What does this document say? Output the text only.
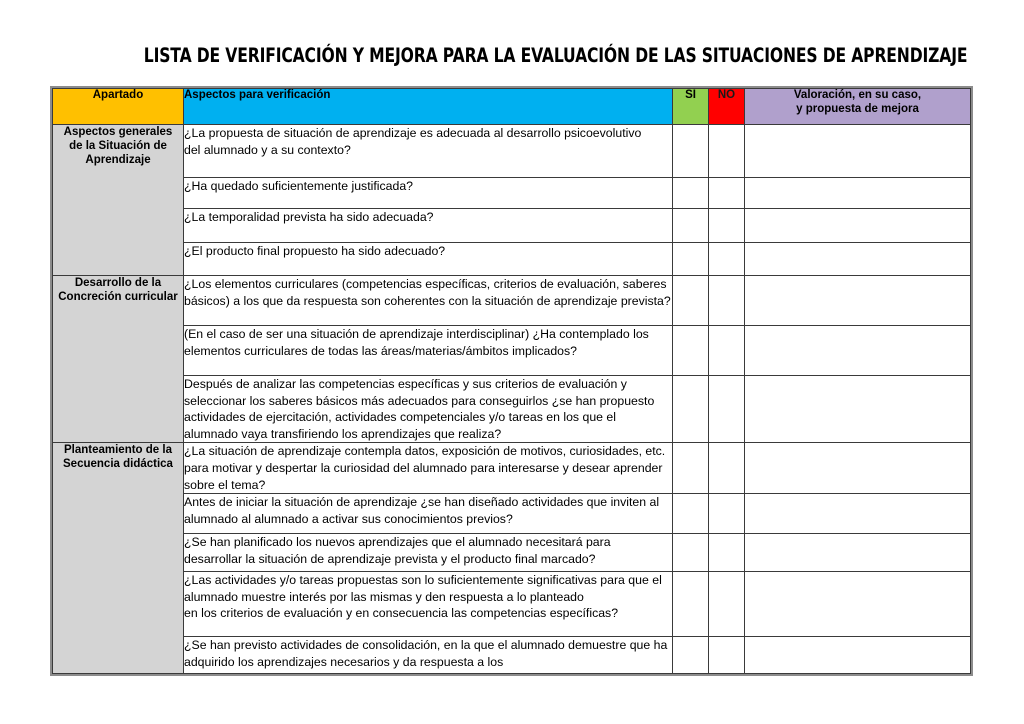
LISTA DE VERIFICACIÓN Y MEJORA PARA LA EVALUACIÓN DE LAS SITUACIONES DE APRENDIZAJE
Apartado	Aspectos para verificación	SI	NO	Valoración, en su caso,
y propuesta de mejora
Aspectos generales
de la Situación de
Aprendizaje	¿La propuesta de situación de aprendizaje es adecuada al desarrollo psicoevolutivo
del alumnado y a su contexto?			

	¿Ha quedado suficientemente justificada?			

	¿La temporalidad prevista ha sido adecuada?			

	¿El producto final propuesto ha sido adecuado?			

Desarrollo de la
Concreción curricular	¿Los elementos curriculares (competencias específicas, criterios de evaluación, saberes básicos) a los que da respuesta son coherentes con la situación de aprendizaje prevista?			

	(En el caso de ser una situación de aprendizaje interdisciplinar) ¿Ha contemplado los elementos curriculares de todas las áreas/materias/ámbitos implicados?			

	Después de analizar las competencias específicas y sus criterios de evaluación y seleccionar los saberes básicos más adecuados para conseguirlos ¿se han propuesto actividades de ejercitación, actividades competenciales y/o tareas en los que el alumnado vaya transfiriendo los aprendizajes que realiza?			

Planteamiento de la
Secuencia didáctica	¿La situación de aprendizaje contempla datos, exposición de motivos, curiosidades, etc. para motivar y despertar la curiosidad del alumnado para interesarse y desear aprender sobre el tema?			

	Antes de iniciar la situación de aprendizaje ¿se han diseñado actividades que inviten al alumnado al alumnado a activar sus conocimientos previos?			

	¿Se han planificado los nuevos aprendizajes que el alumnado necesitará para desarrollar la situación de aprendizaje prevista y el producto final marcado?			

	¿Las actividades y/o tareas propuestas son lo suficientemente significativas para que el alumnado muestre interés por las mismas y den respuesta a lo planteado
en los criterios de evaluación y en consecuencia las competencias específicas?			

	¿Se han previsto actividades de consolidación, en la que el alumnado demuestre que ha adquirido los aprendizajes necesarios y da respuesta a los			
